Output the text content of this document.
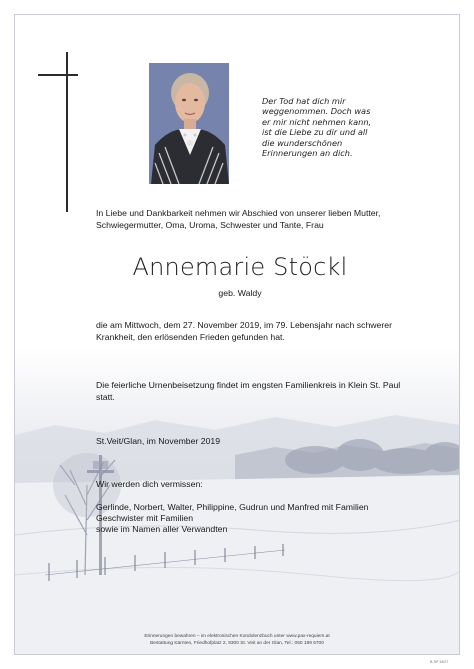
Der Tod hat dich mir
weggenommen. Doch was
er mir nicht nehmen kann,
ist die Liebe zu dir und all
die wunderschönen
Erinnerungen an dich.
In Liebe und Dankbarkeit nehmen wir Abschied von unserer lieben Mutter,
Schwiegermutter, Oma, Uroma, Schwester und Tante, Frau
Annemarie Stöckl
geb. Waldy
die am Mittwoch, dem 27. November 2019, im 79. Lebensjahr nach schwerer
Krankheit, den erlösenden Frieden gefunden hat.
Die feierliche Urnenbeisetzung findet im engsten Familienkreis in Klein St. Paul
statt.
St.Veit/Glan, im November 2019
Wir werden dich vermissen:
Gerlinde, Norbert, Walter, Philippine, Gudrun und Manfred mit Familien
Geschwister mit Familien
sowie im Namen aller Verwandten
Erinnerungen bewahren – im elektronischen Kondolenzbuch unter www.pax-requiem.at
Bestattung Kärnten, Friedhofplatz 2, 9300 St. Veit an der Glan, Tel.: 050 199 6700
B-SP 18/27
